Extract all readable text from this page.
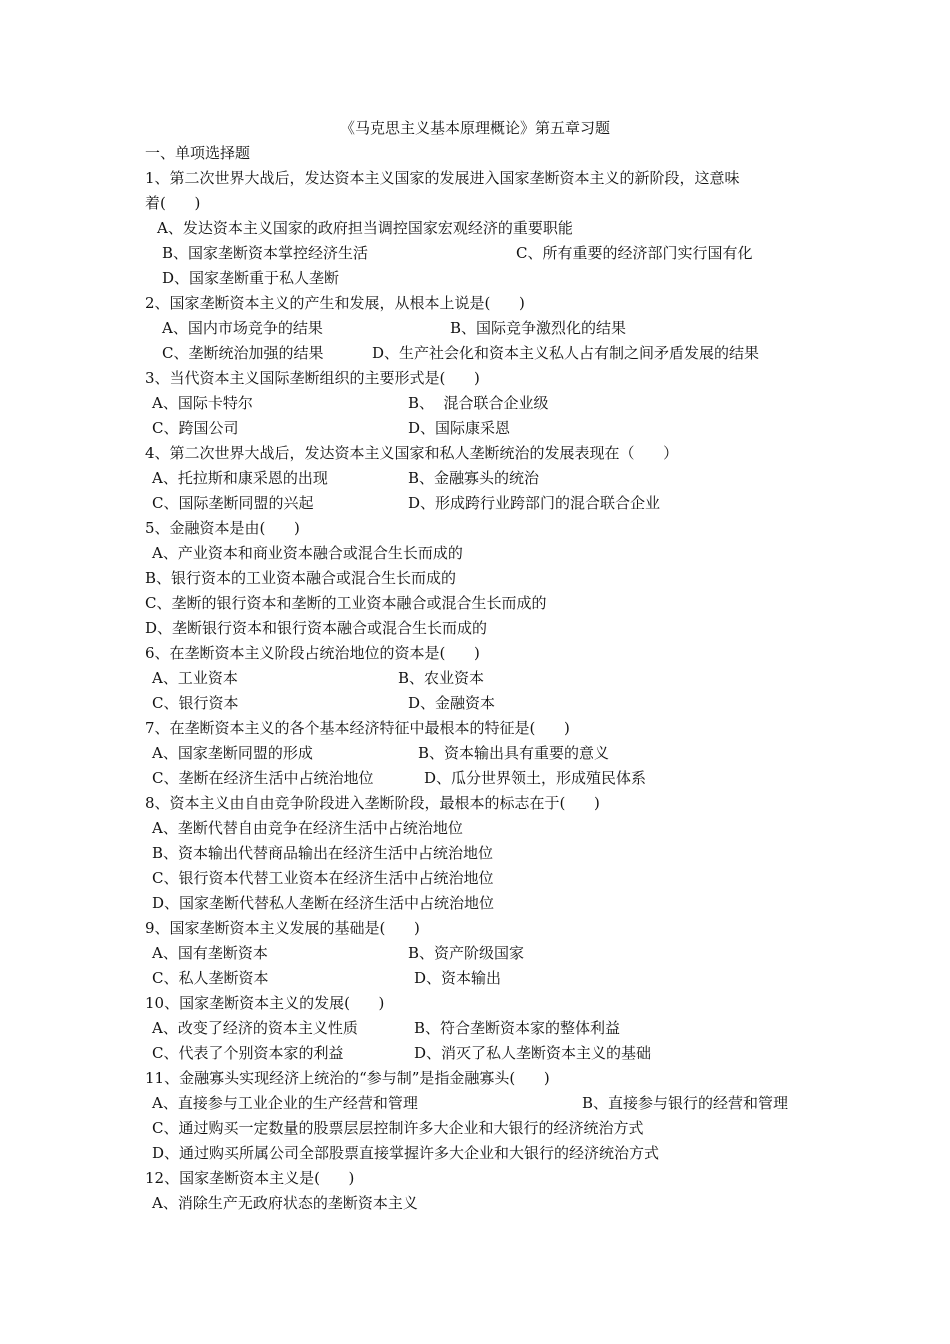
《马克思主义基本原理概论》第五章习题
一、单项选择题
1、第二次世界大战后，发达资本主义国家的发展进入国家垄断资本主义的新阶段，这意味
着(      )
A、发达资本主义国家的政府担当调控国家宏观经济的重要职能
B、国家垄断资本掌控经济生活	C、所有重要的经济部门实行国有化
D、国家垄断重于私人垄断
2、国家垄断资本主义的产生和发展，从根本上说是(      )
A、国内市场竞争的结果	B、国际竞争激烈化的结果
C、垄断统治加强的结果	D、生产社会化和资本主义私人占有制之间矛盾发展的结果
3、当代资本主义国际垄断组织的主要形式是(      )
A、国际卡特尔	B、  混合联合企业级
C、跨国公司	D、国际康采恩
4、第二次世界大战后，发达资本主义国家和私人垄断统治的发展表现在（      ）
A、托拉斯和康采恩的出现	B、金融寡头的统治
C、国际垄断同盟的兴起	D、形成跨行业跨部门的混合联合企业
5、金融资本是由(      )
A、产业资本和商业资本融合或混合生长而成的
B、银行资本的工业资本融合或混合生长而成的
C、垄断的银行资本和垄断的工业资本融合或混合生长而成的
D、垄断银行资本和银行资本融合或混合生长而成的
6、在垄断资本主义阶段占统治地位的资本是(      )
A、工业资本	B、农业资本
C、银行资本	D、金融资本
7、在垄断资本主义的各个基本经济特征中最根本的特征是(      )
A、国家垄断同盟的形成	B、资本输出具有重要的意义
C、垄断在经济生活中占统治地位	D、瓜分世界领土，形成殖民体系
8、资本主义由自由竞争阶段进入垄断阶段，最根本的标志在于(      )
A、垄断代替自由竞争在经济生活中占统治地位
B、资本输出代替商品输出在经济生活中占统治地位
C、银行资本代替工业资本在经济生活中占统治地位
D、国家垄断代替私人垄断在经济生活中占统治地位
9、国家垄断资本主义发展的基础是(      )
A、国有垄断资本	B、资产阶级国家
C、私人垄断资本	D、资本输出
10、国家垄断资本主义的发展(      )
A、改变了经济的资本主义性质	B、符合垄断资本家的整体利益
C、代表了个别资本家的利益	D、消灭了私人垄断资本主义的基础
11、金融寡头实现经济上统治的“参与制”是指金融寡头(      )
A、直接参与工业企业的生产经营和管理	B、直接参与银行的经营和管理
C、通过购买一定数量的股票层层控制许多大企业和大银行的经济统治方式
D、通过购买所属公司全部股票直接掌握许多大企业和大银行的经济统治方式
12、国家垄断资本主义是(      )
A、消除生产无政府状态的垄断资本主义
